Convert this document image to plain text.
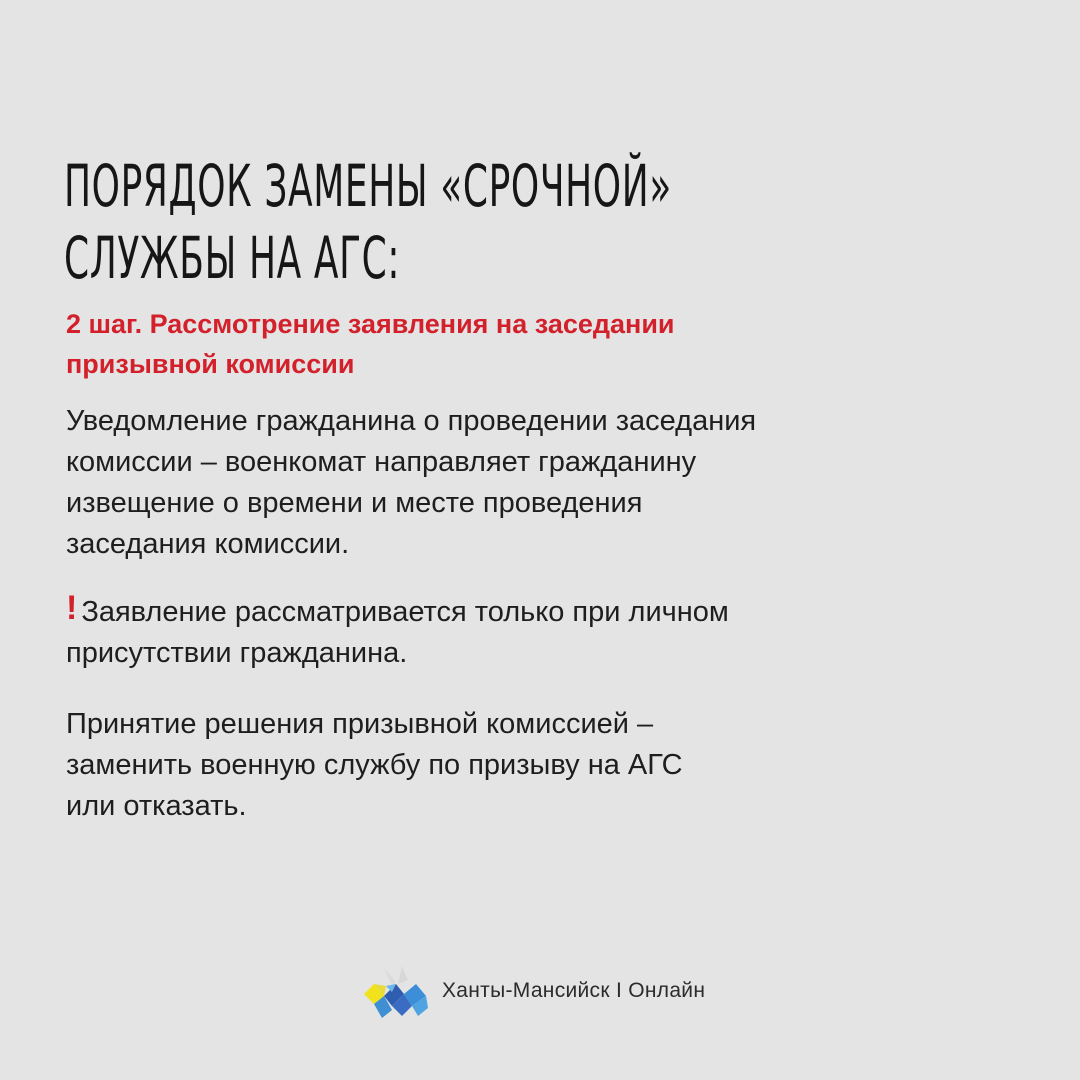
ПОРЯДОК ЗАМЕНЫ «СРОЧНОЙ»
СЛУЖБЫ НА АГС:
2 шаг. Рассмотрение заявления на заседании
призывной комиссии

Уведомление гражданина о проведении заседания
комиссии – военкомат направляет гражданину
извещение о времени и месте проведения
заседания комиссии.

! Заявление рассматривается только при личном
присутствии гражданина.

Принятие решения призывной комиссией –
заменить военную службу по призыву на АГС
или отказать.

Ханты-Мансийск I Онлайн
